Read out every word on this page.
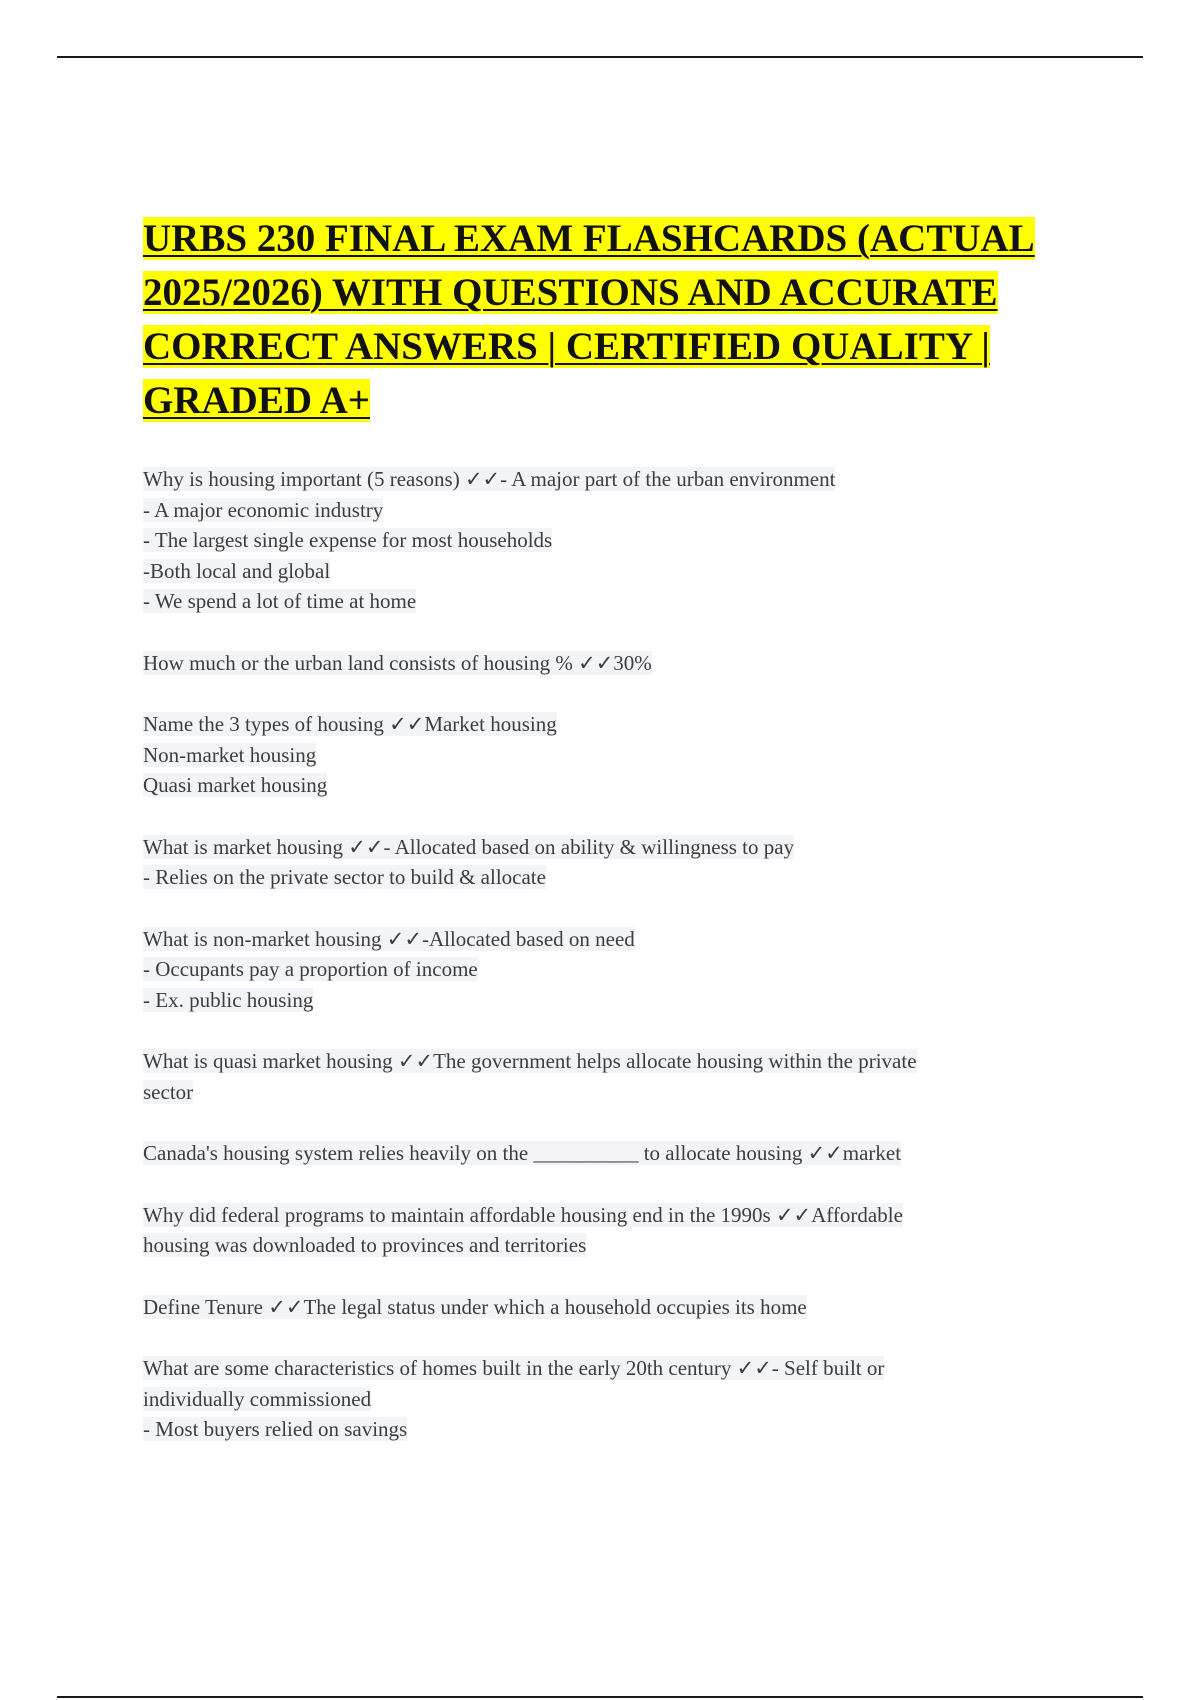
URBS 230 FINAL EXAM FLASHCARDS (ACTUAL 2025/2026) WITH QUESTIONS AND ACCURATE CORRECT ANSWERS | CERTIFIED QUALITY | GRADED A+
Why is housing important (5 reasons) ✓✓- A major part of the urban environment
- A major economic industry
- The largest single expense for most households
-Both local and global
- We spend a lot of time at home
How much or the urban land consists of housing % ✓✓30%
Name the 3 types of housing ✓✓Market housing
Non-market housing
Quasi market housing
What is market housing ✓✓- Allocated based on ability & willingness to pay
- Relies on the private sector to build & allocate
What is non-market housing ✓✓-Allocated based on need
- Occupants pay a proportion of income
- Ex. public housing
What is quasi market housing ✓✓The government helps allocate housing within the private
sector
Canada's housing system relies heavily on the __________ to allocate housing ✓✓market
Why did federal programs to maintain affordable housing end in the 1990s ✓✓Affordable
housing was downloaded to provinces and territories
Define Tenure ✓✓The legal status under which a household occupies its home
What are some characteristics of homes built in the early 20th century ✓✓- Self built or
individually commissioned
- Most buyers relied on savings
